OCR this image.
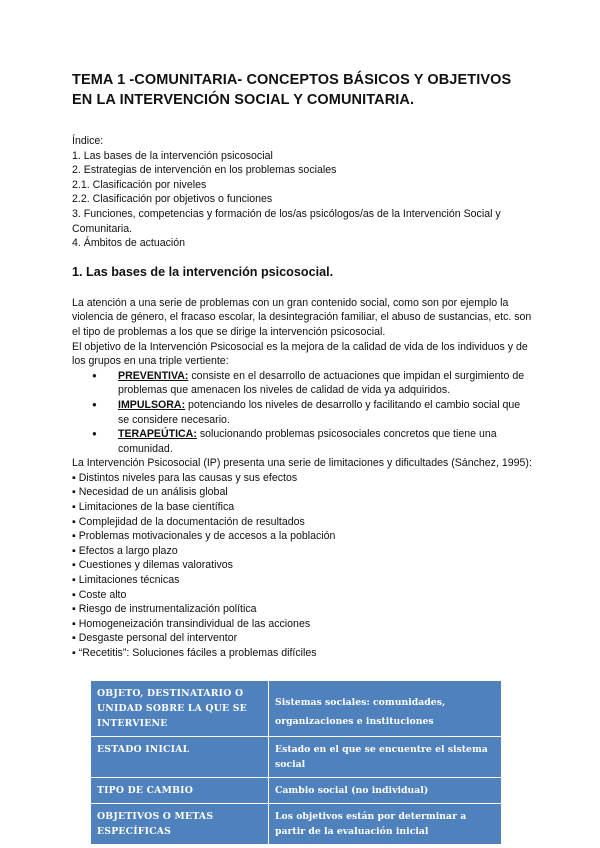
TEMA 1 -COMUNITARIA- CONCEPTOS BÁSICOS Y OBJETIVOS EN LA INTERVENCIÓN SOCIAL Y COMUNITARIA.
Índice:
1. Las bases de la intervención psicosocial
2. Estrategias de intervención en los problemas sociales
2.1. Clasificación por niveles
2.2. Clasificación por objetivos o funciones
3. Funciones, competencias y formación de los/as psicólogos/as de la Intervención Social y Comunitaria.
4. Ámbitos de actuación
1. Las bases de la intervención psicosocial.

La atención a una serie de problemas con un gran contenido social, como son por ejemplo la violencia de género, el fracaso escolar, la desintegración familiar, el abuso de sustancias, etc. son el tipo de problemas a los que se dirige la intervención psicosocial.

El objetivo de la Intervención Psicosocial es la mejora de la calidad de vida de los individuos y de los grupos en una triple vertiente:

● PREVENTIVA: consiste en el desarrollo de actuaciones que impidan el surgimiento de problemas que amenacen los niveles de calidad de vida ya adquiridos.
● IMPULSORA: potenciando los niveles de desarrollo y facilitando el cambio social que se considere necesario.
● TERAPEÚTICA: solucionando problemas psicosociales concretos que tiene una comunidad.

La Intervención Psicosocial (IP) presenta una serie de limitaciones y dificultades (Sánchez, 1995):

▪ Distintos niveles para las causas y sus efectos
▪ Necesidad de un análisis global
▪ Limitaciones de la base científica
▪ Complejidad de la documentación de resultados
▪ Problemas motivacionales y de accesos a la población
▪ Efectos a largo plazo
▪ Cuestiones y dilemas valorativos
▪ Limitaciones técnicas
▪ Coste alto
▪ Riesgo de instrumentalización política
▪ Homogeneización transindividual de las acciones
▪ Desgaste personal del interventor
▪ “Recetitis”: Soluciones fáciles a problemas difíciles
OBJETO, DESTINATARIO O UNIDAD SOBRE LA QUE SE INTERVIENE	Sistemas sociales: comunidades,
organizaciones e instituciones

ESTADO INICIAL	Estado en el que se encuentre el sistema social
TIPO DE CAMBIO	Cambio social (no individual)
OBJETIVOS O METAS ESPECÍFICAS	Los objetivos están por determinar a partir de la evaluación inicial
